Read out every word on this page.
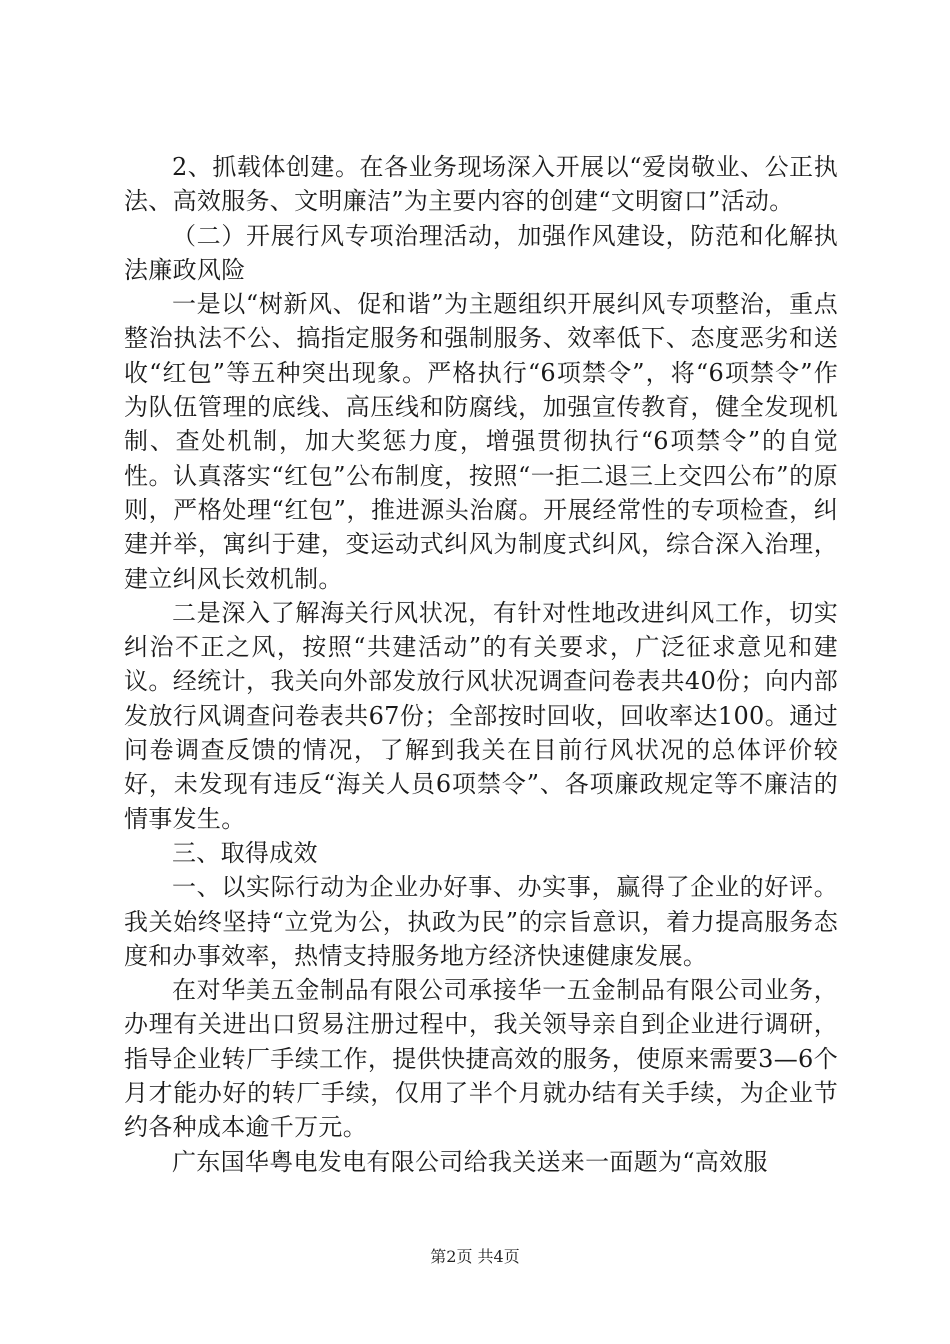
2、抓载体创建。在各业务现场深入开展以“爱岗敬业、公正执法、高效服务、文明廉洁”为主要内容的创建“文明窗口”活动。

（二）开展行风专项治理活动，加强作风建设，防范和化解执法廉政风险

一是以“树新风、促和谐”为主题组织开展纠风专项整治，重点整治执法不公、搞指定服务和强制服务、效率低下、态度恶劣和送收“红包”等五种突出现象。严格执行“6项禁令”，将“6项禁令”作为队伍管理的底线、高压线和防腐线，加强宣传教育，健全发现机制、查处机制，加大奖惩力度，增强贯彻执行“6项禁令”的自觉性。认真落实“红包”公布制度，按照“一拒二退三上交四公布”的原则，严格处理“红包”，推进源头治腐。开展经常性的专项检查，纠建并举，寓纠于建，变运动式纠风为制度式纠风，综合深入治理，建立纠风长效机制。

二是深入了解海关行风状况，有针对性地改进纠风工作，切实纠治不正之风，按照“共建活动”的有关要求，广泛征求意见和建议。经统计，我关向外部发放行风状况调查问卷表共40份；向内部发放行风调查问卷表共67份；全部按时回收，回收率达100。通过问卷调查反馈的情况，了解到我关在目前行风状况的总体评价较好，未发现有违反“海关人员6项禁令”、各项廉政规定等不廉洁的情事发生。

三、取得成效

一、以实际行动为企业办好事、办实事，赢得了企业的好评。我关始终坚持“立党为公，执政为民”的宗旨意识，着力提高服务态度和办事效率，热情支持服务地方经济快速健康发展。

在对华美五金制品有限公司承接华一五金制品有限公司业务，办理有关进出口贸易注册过程中，我关领导亲自到企业进行调研，指导企业转厂手续工作，提供快捷高效的服务，使原来需要3—6个月才能办好的转厂手续，仅用了半个月就办结有关手续，为企业节约各种成本逾千万元。

广东国华粤电发电有限公司给我关送来一面题为“高效服

第2页 共4页
